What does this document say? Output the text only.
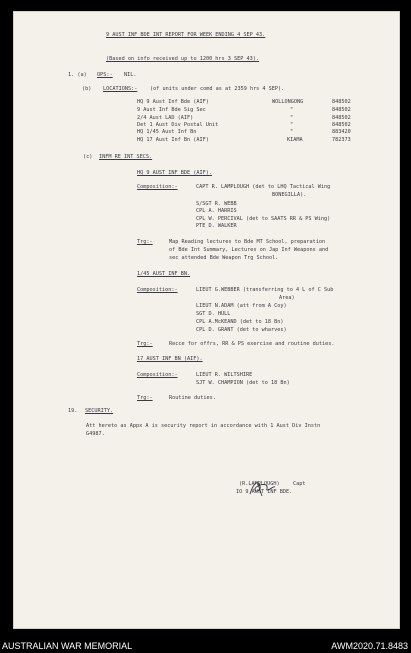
9 AUST INF BDE INT REPORT FOR WEEK ENDING 4 SEP 43.
(Based on info received up to 1200 hrs 3 SEP 43).
1. (a) OPS:- NIL.
(b) LOCATIONS:- (of units under comd as at 2359 hrs 4 SEP).
HQ 9 Aust Inf Bde (AIF)	WOLLONGONG	848502
9 Aust Inf Bde Sig Sec	"	848502
2/4 Aust LAD (AIF)	"	848502
Det 1 Aust Div Postal Unit	"	848502
HQ 1/45 Aust Inf Bn	"	883420
HQ 17 Aust Inf Bn (AIF)	KIAMA	782373
(c) INFM RE INT SECS.
HQ 9 AUST INF BDE (AIF).
Composition:-	CAPT R. LAMPLOUGH (det to LHQ Tactical Wing
BONEGILLA).
S/SGT R. WEBB
CPL A. HARRIS
CPL W. PERCIVAL (det to SAATS RR & PS Wing)
PTE D. WALKER
Trg:-	Map Reading lectures to Bde MT School, preparation
of Bde Int Summary, Lectures on Jap Inf Weapons and
sec attended Bde Weapon Trg School.
1/45 AUST INF BN.
Composition:-	LIEUT G.WEBBER (transferring to 4 L of C Sub
Area)
LIEUT N.ADAM (att from A Coy)
SGT D. HULL
CPL A.McKEAND (det to 18 Bn)
CPL D. GRANT (det to wharves)
Trg:-	Recce for offrs, RR & PS exercise and routine duties.
17 AUST INF BN (AIF).
Composition:-	LIEUT R. WILTSHIRE
SJT W. CHAMPION (det to 18 Bn)
Trg:-	Routine duties.
19. SECURITY.
Att hereto as Appx A is security report in accordance with 1 Aust Div Instn
G4987.
(R.LAMPLOUGH)	Capt
IO 9 AUST INF BDE.
AUSTRALIAN WAR MEMORIAL	AWM2020.71.8483
